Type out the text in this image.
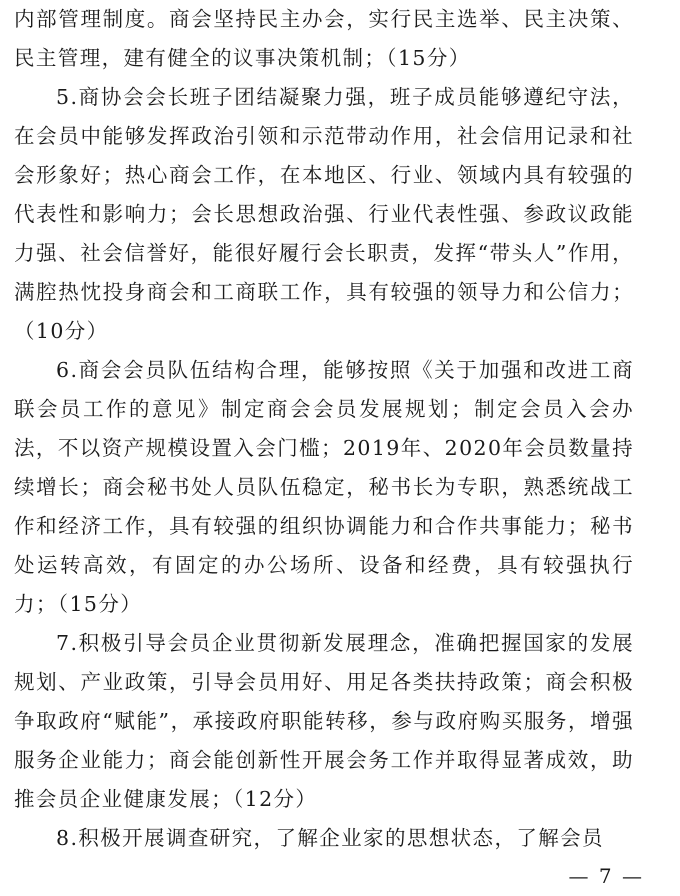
内部管理制度。商会坚持民主办会，实行民主选举、民主决策、民主管理，建有健全的议事决策机制；（15分）

5.商协会会长班子团结凝聚力强，班子成员能够遵纪守法，在会员中能够发挥政治引领和示范带动作用，社会信用记录和社会形象好；热心商会工作，在本地区、行业、领域内具有较强的代表性和影响力；会长思想政治强、行业代表性强、参政议政能力强、社会信誉好，能很好履行会长职责，发挥“带头人”作用，满腔热忱投身商会和工商联工作，具有较强的领导力和公信力；（10分）

6.商会会员队伍结构合理，能够按照《关于加强和改进工商联会员工作的意见》制定商会会员发展规划；制定会员入会办法，不以资产规模设置入会门槛；2019年、2020年会员数量持续增长；商会秘书处人员队伍稳定，秘书长为专职，熟悉统战工作和经济工作，具有较强的组织协调能力和合作共事能力；秘书处运转高效，有固定的办公场所、设备和经费，具有较强执行力；（15分）

7.积极引导会员企业贯彻新发展理念，准确把握国家的发展规划、产业政策，引导会员用好、用足各类扶持政策；商会积极争取政府“赋能”，承接政府职能转移，参与政府购买服务，增强服务企业能力；商会能创新性开展会务工作并取得显著成效，助推会员企业健康发展；（12分）

8.积极开展调查研究，了解企业家的思想状态，了解会员

— 7 —
